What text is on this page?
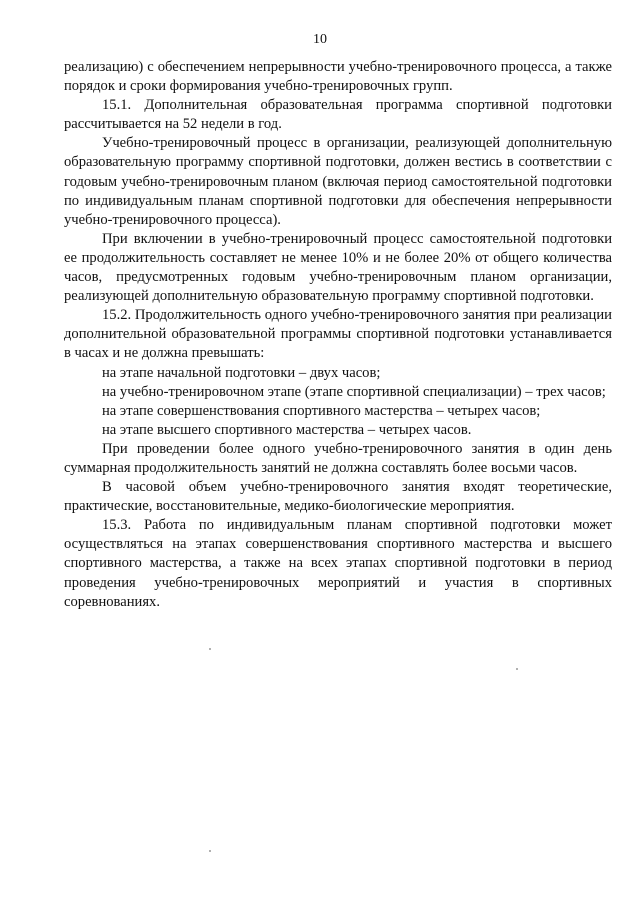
10

реализацию) с обеспечением непрерывности учебно-тренировочного процесса, а также порядок и сроки формирования учебно-тренировочных групп.

15.1. Дополнительная образовательная программа спортивной подготовки рассчитывается на 52 недели в год.

Учебно-тренировочный процесс в организации, реализующей дополнительную образовательную программу спортивной подготовки, должен вестись в соответствии с годовым учебно-тренировочным планом (включая период самостоятельной подготовки по индивидуальным планам спортивной подготовки для обеспечения непрерывности учебно-тренировочного процесса).

При включении в учебно-тренировочный процесс самостоятельной подготовки ее продолжительность составляет не менее 10% и не более 20% от общего количества часов, предусмотренных годовым учебно-тренировочным планом организации, реализующей дополнительную образовательную программу спортивной подготовки.

15.2. Продолжительность одного учебно-тренировочного занятия при реализации дополнительной образовательной программы спортивной подготовки устанавливается в часах и не должна превышать:

на этапе начальной подготовки – двух часов;

на учебно-тренировочном этапе (этапе спортивной специализации) – трех часов;

на этапе совершенствования спортивного мастерства – четырех часов;

на этапе высшего спортивного мастерства – четырех часов.

При проведении более одного учебно-тренировочного занятия в один день суммарная продолжительность занятий не должна составлять более восьми часов.

В часовой объем учебно-тренировочного занятия входят теоретические, практические, восстановительные, медико-биологические мероприятия.

15.3. Работа по индивидуальным планам спортивной подготовки может осуществляться на этапах совершенствования спортивного мастерства и высшего спортивного мастерства, а также на всех этапах спортивной подготовки в период проведения учебно-тренировочных мероприятий и участия в спортивных соревнованиях.
